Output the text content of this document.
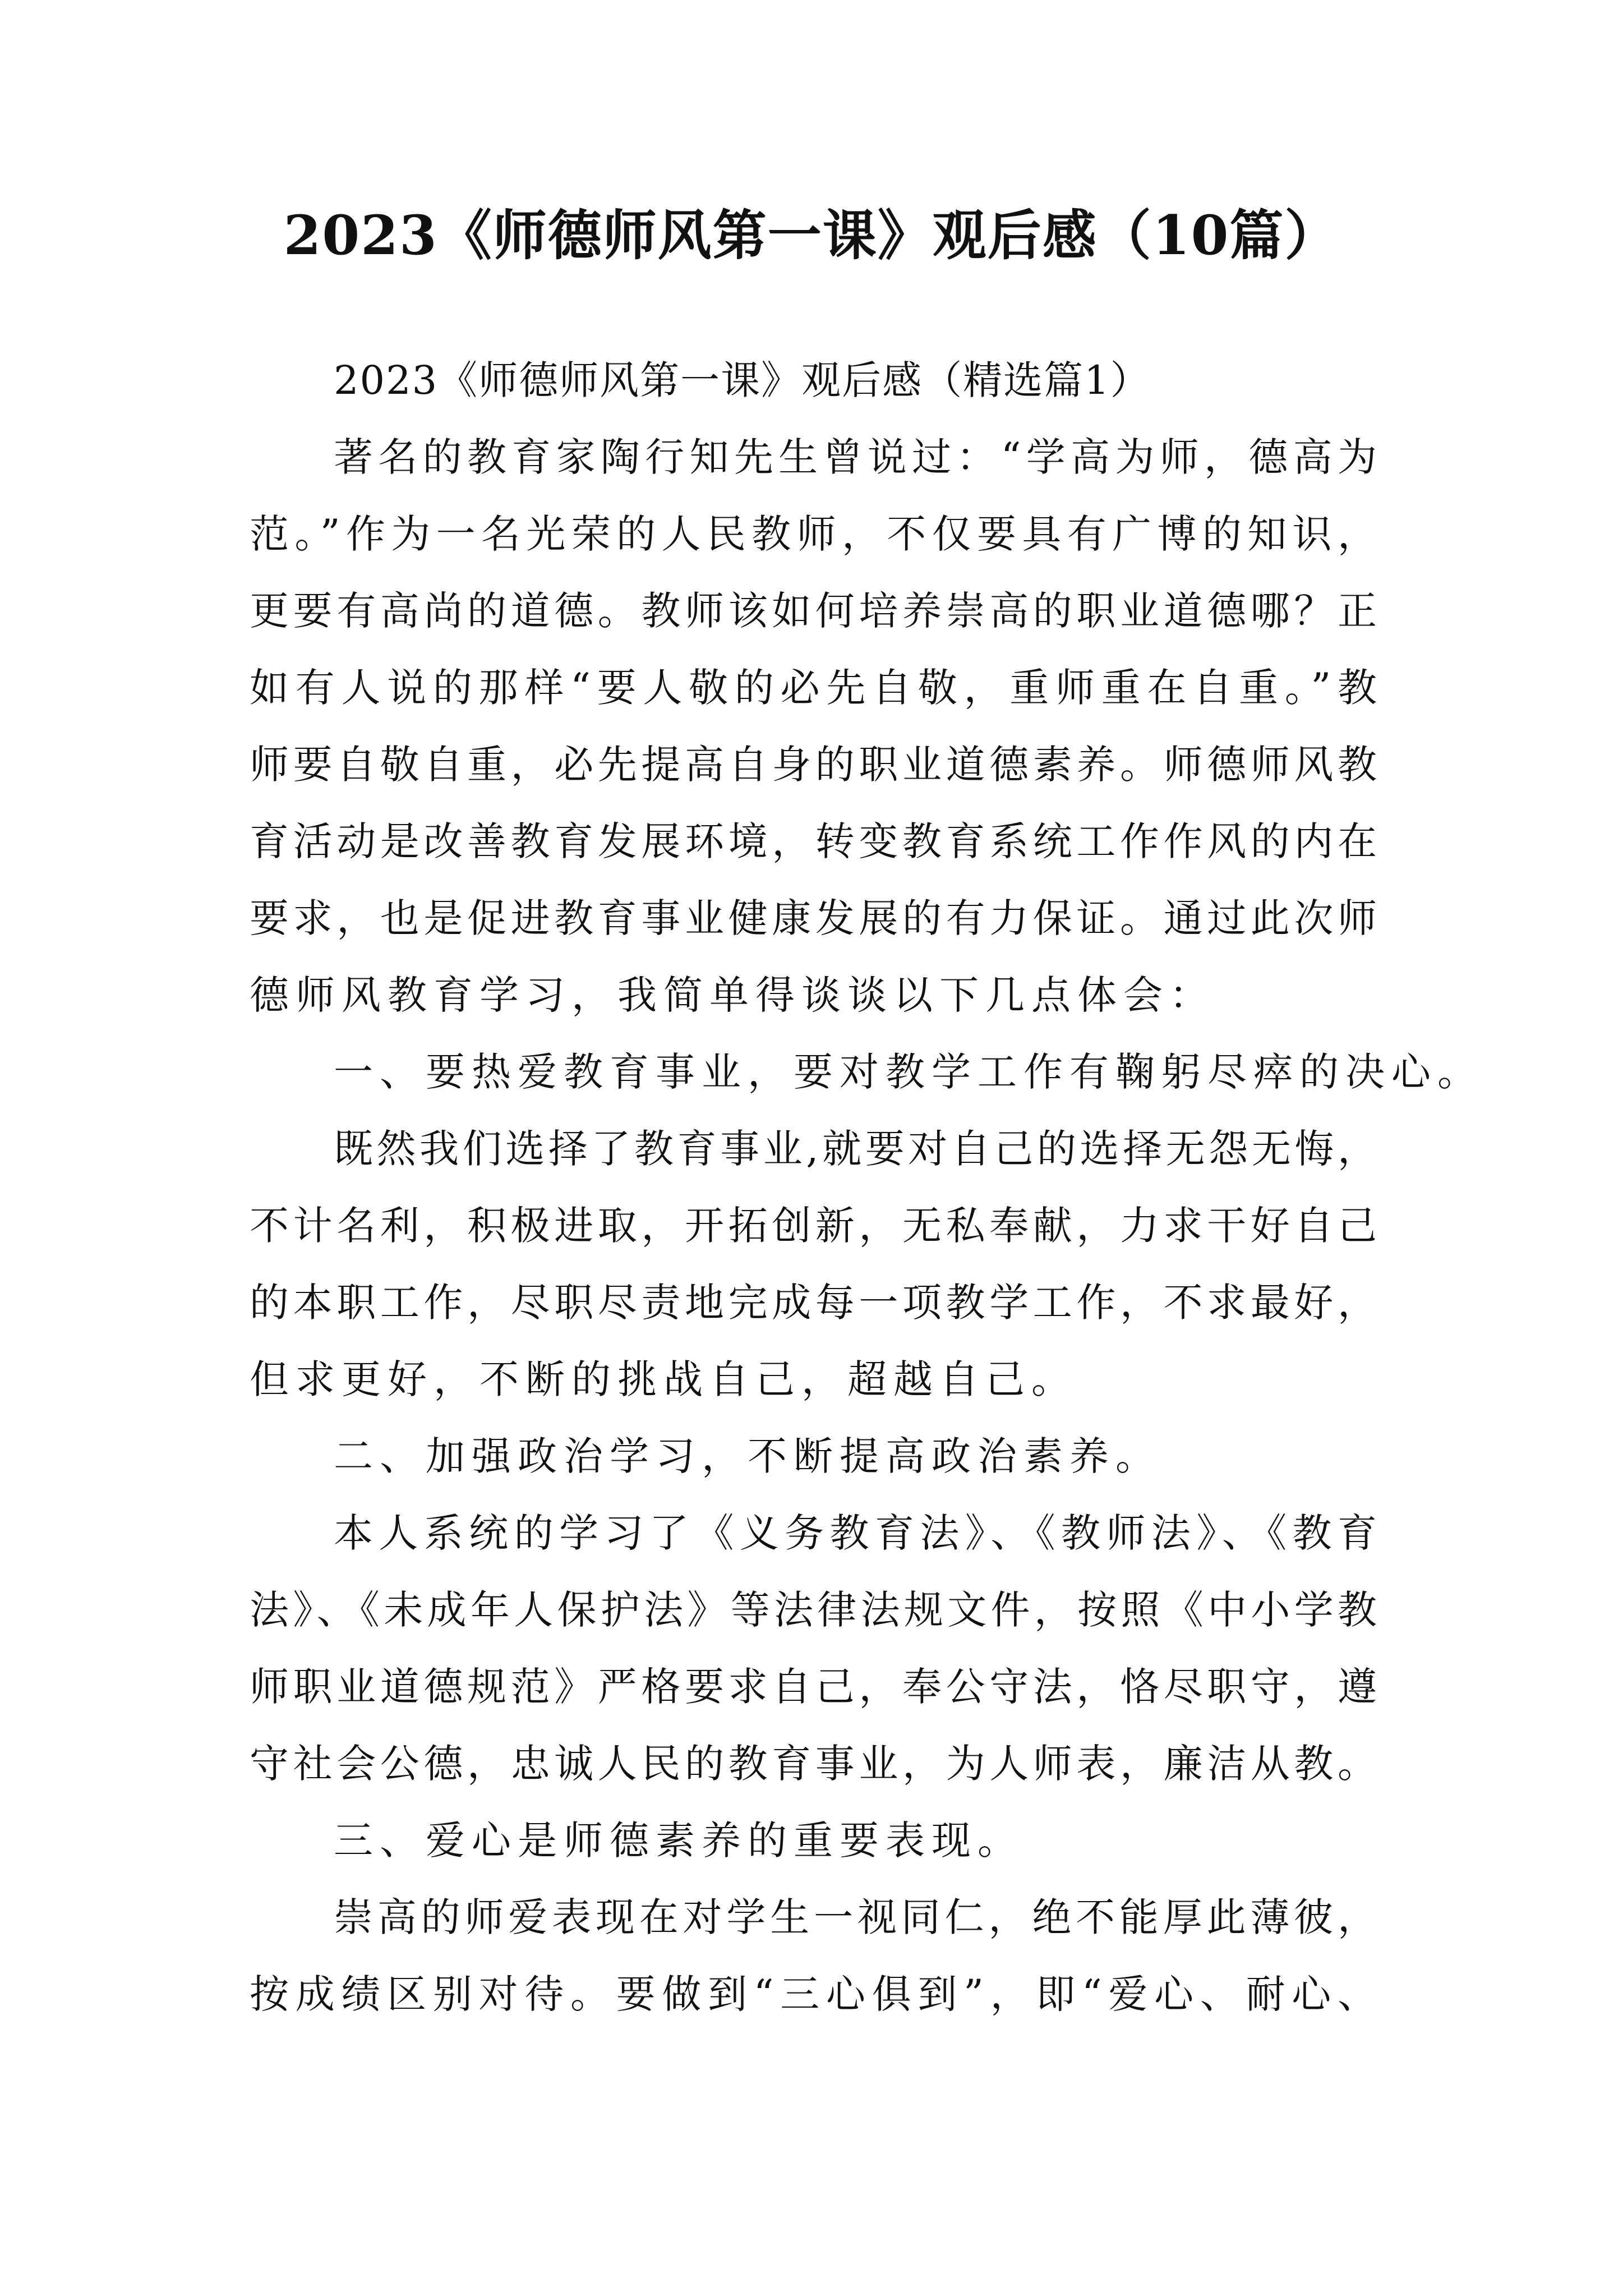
2023《师德师风第一课》观后感（10篇）
2023《师德师风第一课》观后感（精选篇1）
著名的教育家陶行知先生曾说过：“学高为师，德高为
范。”作为一名光荣的人民教师，不仅要具有广博的知识，
更要有高尚的道德。教师该如何培养崇高的职业道德哪？正
如有人说的那样“要人敬的必先自敬，重师重在自重。”教
师要自敬自重，必先提高自身的职业道德素养。师德师风教
育活动是改善教育发展环境，转变教育系统工作作风的内在
要求，也是促进教育事业健康发展的有力保证。通过此次师
德师风教育学习，我简单得谈谈以下几点体会：
一、要热爱教育事业，要对教学工作有鞠躬尽瘁的决心。
既然我们选择了教育事业,就要对自己的选择无怨无悔，
不计名利，积极进取，开拓创新，无私奉献，力求干好自己
的本职工作，尽职尽责地完成每一项教学工作，不求最好，
但求更好，不断的挑战自己，超越自己。
二、加强政治学习，不断提高政治素养。
本人系统的学习了《义务教育法》、《教师法》、《教育
法》、《未成年人保护法》等法律法规文件，按照《中小学教
师职业道德规范》严格要求自己，奉公守法，恪尽职守，遵
守社会公德，忠诚人民的教育事业，为人师表，廉洁从教。
三、爱心是师德素养的重要表现。
崇高的师爱表现在对学生一视同仁，绝不能厚此薄彼，
按成绩区别对待。要做到“三心俱到”，即“爱心、耐心、
